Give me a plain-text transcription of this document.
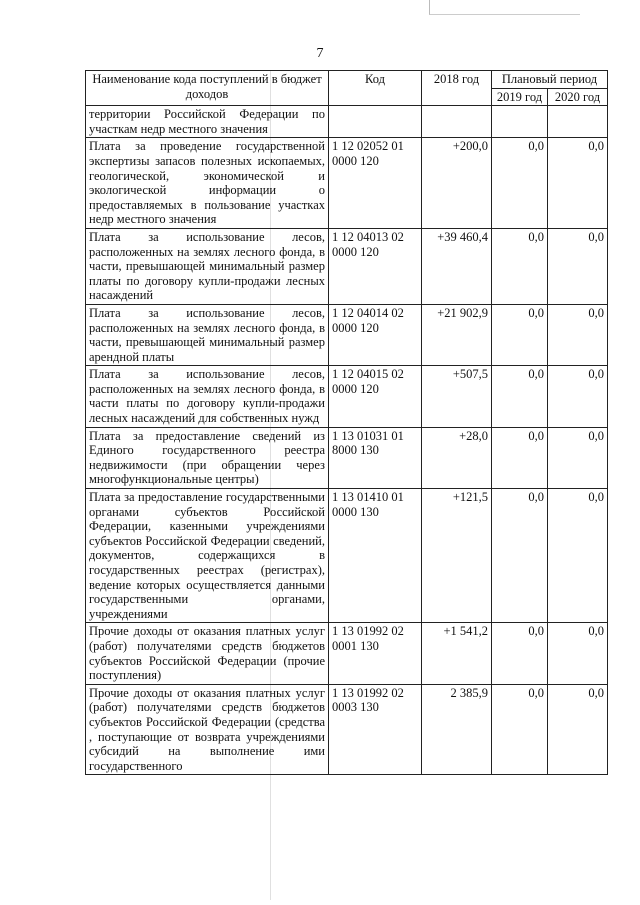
7
Наименование кода поступлений в бюджет доходов	Код	2018 год	Плановый период	
			2019 год	2020 год
территории Российской Федерации по участкам недр местного значения				
Плата за проведение государственной экспертизы запасов полезных ископаемых, геологической, экономической и экологической информации о предоставляемых в пользование участках недр местного значения	1 12 02052 01 0000 120	+200,0	0,0	0,0
Плата за использование лесов, расположенных на землях лесного фонда, в части, превышающей минимальный размер платы по договору купли-продажи лесных насаждений	1 12 04013 02 0000 120	+39 460,4	0,0	0,0
Плата за использование лесов, расположенных на землях лесного фонда, в части, превышающей минимальный размер арендной платы	1 12 04014 02 0000 120	+21 902,9	0,0	0,0
Плата за использование лесов, расположенных на землях лесного фонда, в части платы по договору купли-продажи лесных насаждений для собственных нужд	1 12 04015 02 0000 120	+507,5	0,0	0,0
Плата за предоставление сведений из Единого государственного реестра недвижимости (при обращении через многофункциональные центры)	1 13 01031 01 8000 130	+28,0	0,0	0,0
Плата за предоставление государственными органами субъектов Российской Федерации, казенными учреждениями субъектов Российской Федерации сведений, документов, содержащихся в государственных реестрах (регистрах), ведение которых осуществляется данными государственными органами, учреждениями	1 13 01410 01 0000 130	+121,5	0,0	0,0
Прочие доходы от оказания платных услуг (работ) получателями средств бюджетов субъектов Российской Федерации (прочие поступления)	1 13 01992 02 0001 130	+1 541,2	0,0	0,0
Прочие доходы от оказания платных услуг (работ) получателями средств бюджетов субъектов Российской Федерации (средства , поступающие от возврата учреждениями субсидий на выполнение ими государственного	1 13 01992 02 0003 130	2 385,9	0,0	0,0
